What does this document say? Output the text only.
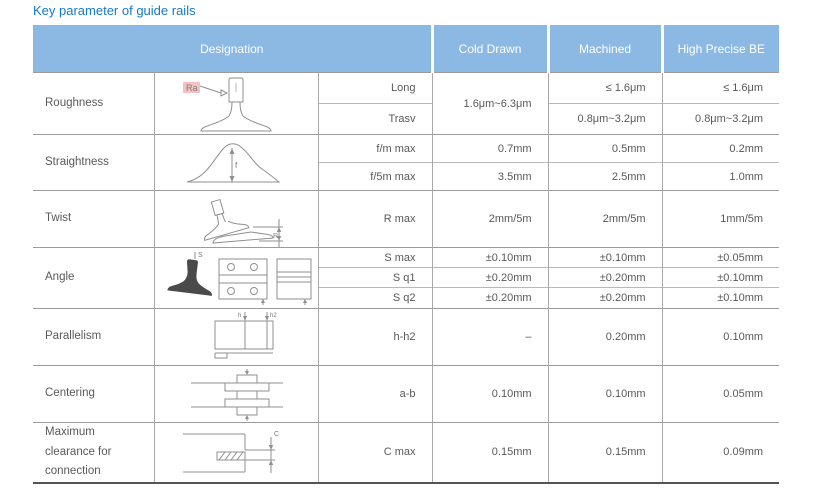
Key parameter of guide rails
Designation			Cold Drawn	Machined	High Precise BE
Roughness	Ra	Long	1.6μm~6.3μm	≤ 1.6μm	≤ 1.6μm
		Trasv		0.8μm~3.2μm	0.8μm~3.2μm
Straightness	f	f/m max	0.7mm	0.5mm	0.2mm
		f/5m max	3.5mm	2.5mm	1.0mm
Twist	R	R max	2mm/5m	2mm/5m	1mm/5m
Angle	S	S max	±0.10mm	±0.10mm	±0.05mm
		S q1	±0.20mm	±0.20mm	±0.10mm
		S q2	±0.20mm	±0.20mm	±0.10mm
Parallelism	h h2	h-h2	–	0.20mm	0.10mm
Centering		a-b	0.10mm	0.10mm	0.05mm
Maximum clearance for connection	C	C max	0.15mm	0.15mm	0.09mm
